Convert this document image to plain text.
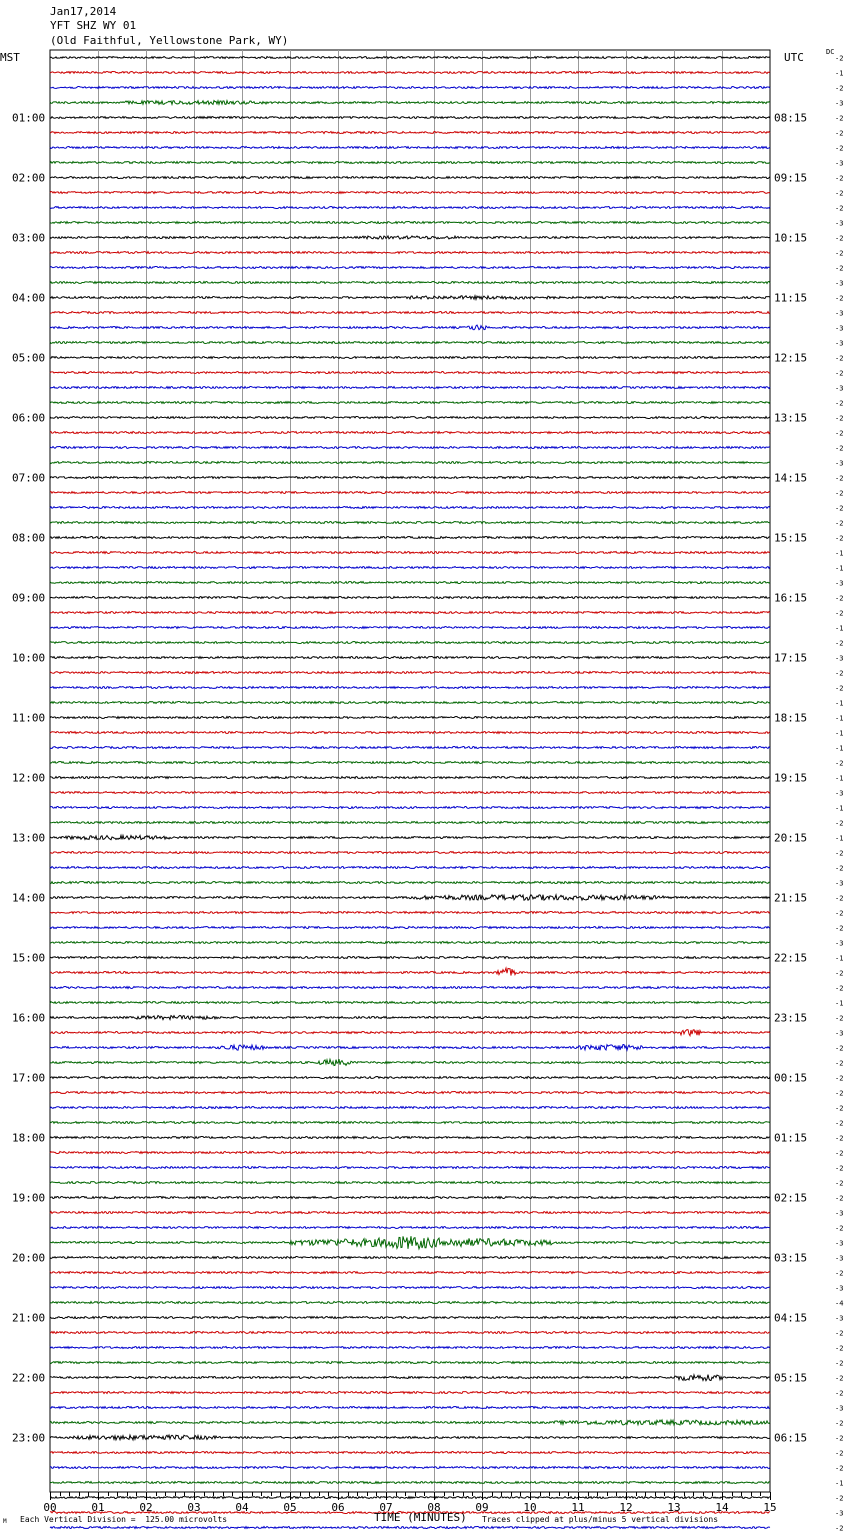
Jan17,2014
YFT SHZ WY 01
(Old Faithful, Yellowstone Park, WY)
MST	UTC	DC
-2
-1
-2
-3
-2
-2
-2
-3
-2
-2
-2
-3
-2
-2
-2
-3
-2
-3
-3
-3
-2
-2
-3
-2
-2
-2
-2
-3
-2
-2
-2
-2
-2
-1
-1
-3
-2
-2
-1
-2
-3
-2
-2
-1
-1
-1
-1
-2
-1
-3
-1
-2
-1
-2
-2
-3
-2
-2
-2
-3
-1
-2
-2
-1
-2
-3
-2
-2
-2
-2
-2
-2
-2
-2
-2
-2
-2
-3
-2
-3
-3
-2
-3
-4
-3
-2
-2
-2
-2
-2
-3
-2
-2
-2
-2
-1
-2
-3
-2
01:00
02:00
03:00
04:00
05:00
06:00
07:00
08:00
09:00
10:00
11:00
12:00
13:00
14:00
15:00
16:00
17:00
18:00
19:00
20:00
21:00
22:00
23:00
08:15
09:15
10:15
11:15
12:15
13:15
14:15
15:15
16:15
17:15
18:15
19:15
20:15
21:15
22:15
23:15
00:15
01:15
02:15
03:15
04:15
05:15
06:15
00	01	02	03	04	05	06	07	08	09	10	11	12	13	14	15
TIME (MINUTES)
Each Vertical Division =  125.00 microvolts	Traces clipped at plus/minus 5 vertical divisions
M
